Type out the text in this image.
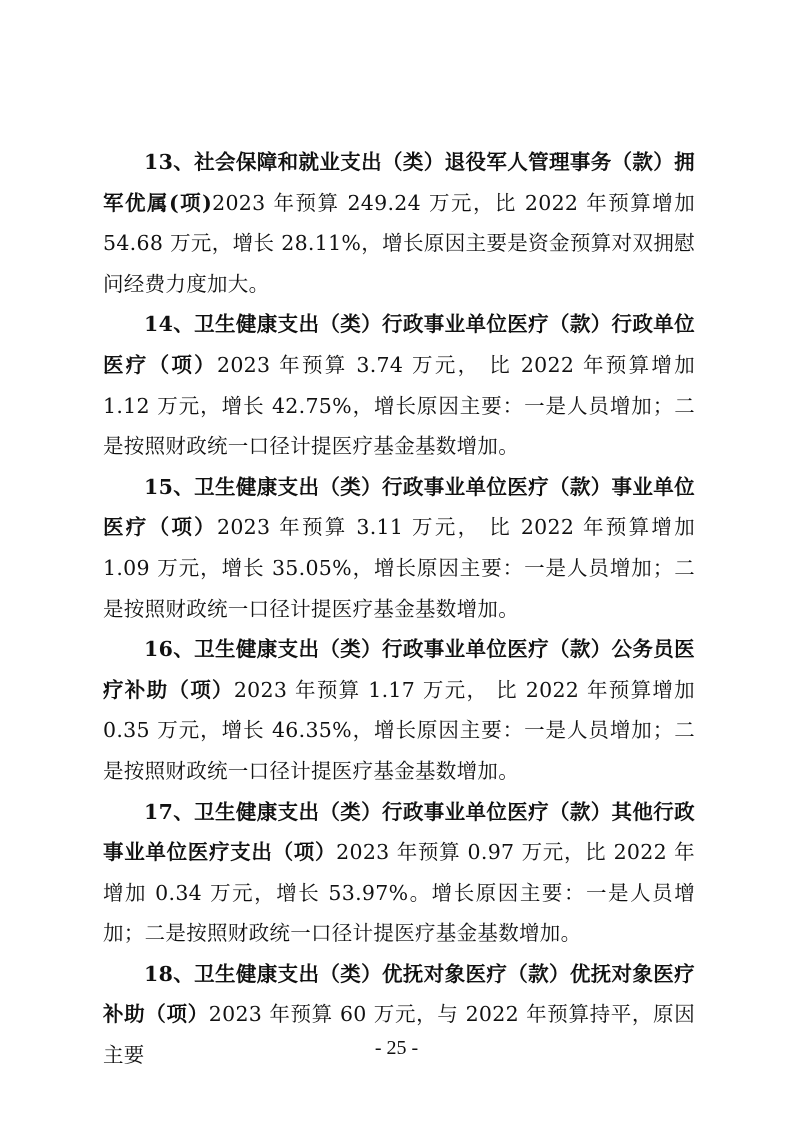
13、社会保障和就业支出（类）退役军人管理事务（款）拥军优属(项)2023 年预算 249.24 万元，比 2022 年预算增加 54.68 万元，增长 28.11%，增长原因主要是资金预算对双拥慰问经费力度加大。

14、卫生健康支出（类）行政事业单位医疗（款）行政单位医疗（项）2023 年预算 3.74 万元， 比 2022 年预算增加 1.12 万元，增长 42.75%，增长原因主要：一是人员增加；二是按照财政统一口径计提医疗基金基数增加。

15、卫生健康支出（类）行政事业单位医疗（款）事业单位医疗（项）2023 年预算 3.11 万元， 比 2022 年预算增加 1.09 万元，增长 35.05%，增长原因主要：一是人员增加；二是按照财政统一口径计提医疗基金基数增加。

16、卫生健康支出（类）行政事业单位医疗（款）公务员医疗补助（项）2023 年预算 1.17 万元， 比 2022 年预算增加 0.35 万元，增长 46.35%，增长原因主要：一是人员增加；二是按照财政统一口径计提医疗基金基数增加。

17、卫生健康支出（类）行政事业单位医疗（款）其他行政事业单位医疗支出（项）2023 年预算 0.97 万元，比 2022 年增加 0.34 万元，增长 53.97%。增长原因主要：一是人员增加；二是按照财政统一口径计提医疗基金基数增加。

18、卫生健康支出（类）优抚对象医疗（款）优抚对象医疗补助（项）2023 年预算 60 万元，与 2022 年预算持平，原因主要	- 25 -
